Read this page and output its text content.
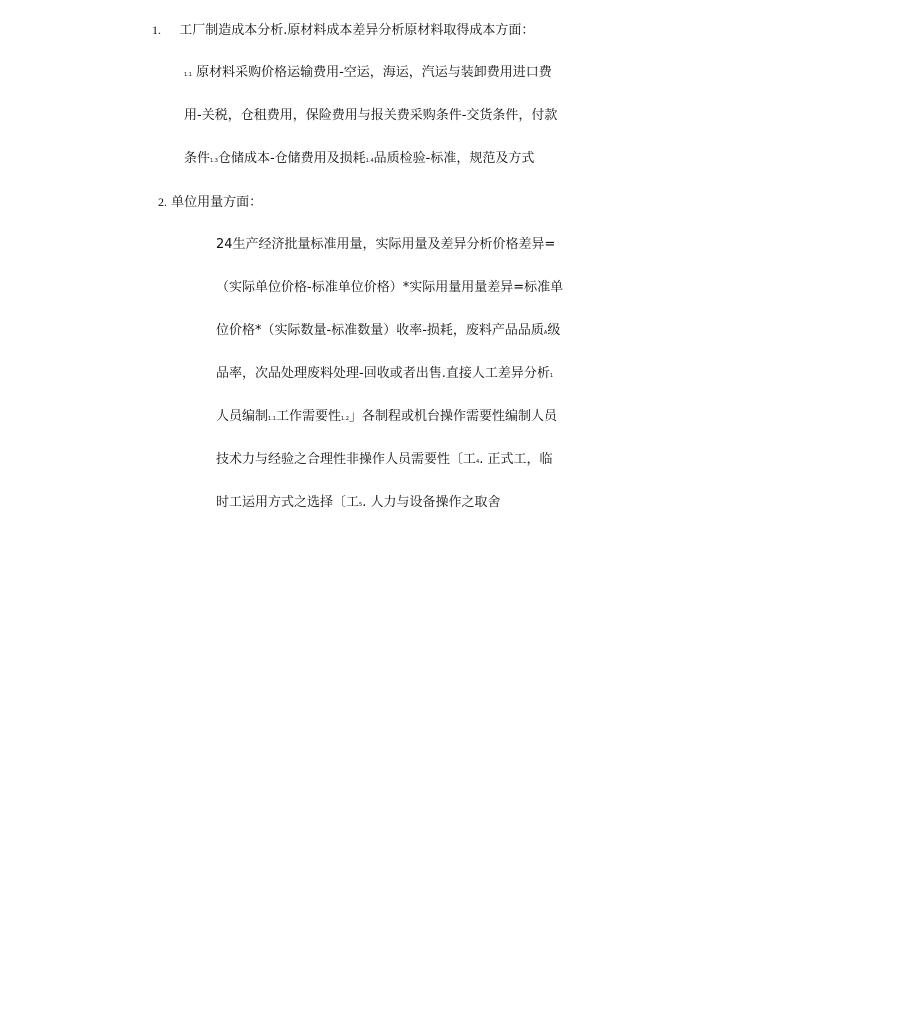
1. 工厂制造成本分析.原材料成本差异分析原材料取得成本方面：
1.1 原材料采购价格运输费用-空运，海运，汽运与装卸费用进口费
用-关税，仓租费用，保险费用与报关费采购条件-交货条件，付款
条件1.3仓储成本-仓储费用及损耗1.4品质检验-标准，规范及方式
2. 单位用量方面：
24生产经济批量标准用量，实际用量及差异分析价格差异=
（实际单位价格-标准单位价格）*实际用量用量差异=标准单
位价格*（实际数量-标准数量）收率-损耗，废料产品品质A级
品率，次品处理废料处理-回收或者出售.直接人工差异分析1
人员编制1.1工作需要性1.2」各制程或机台操作需要性编制人员
技术力与经验之合理性非操作人员需要性〔工4. 正式工，临
时工运用方式之选择〔工5. 人力与设备操作之取舍
